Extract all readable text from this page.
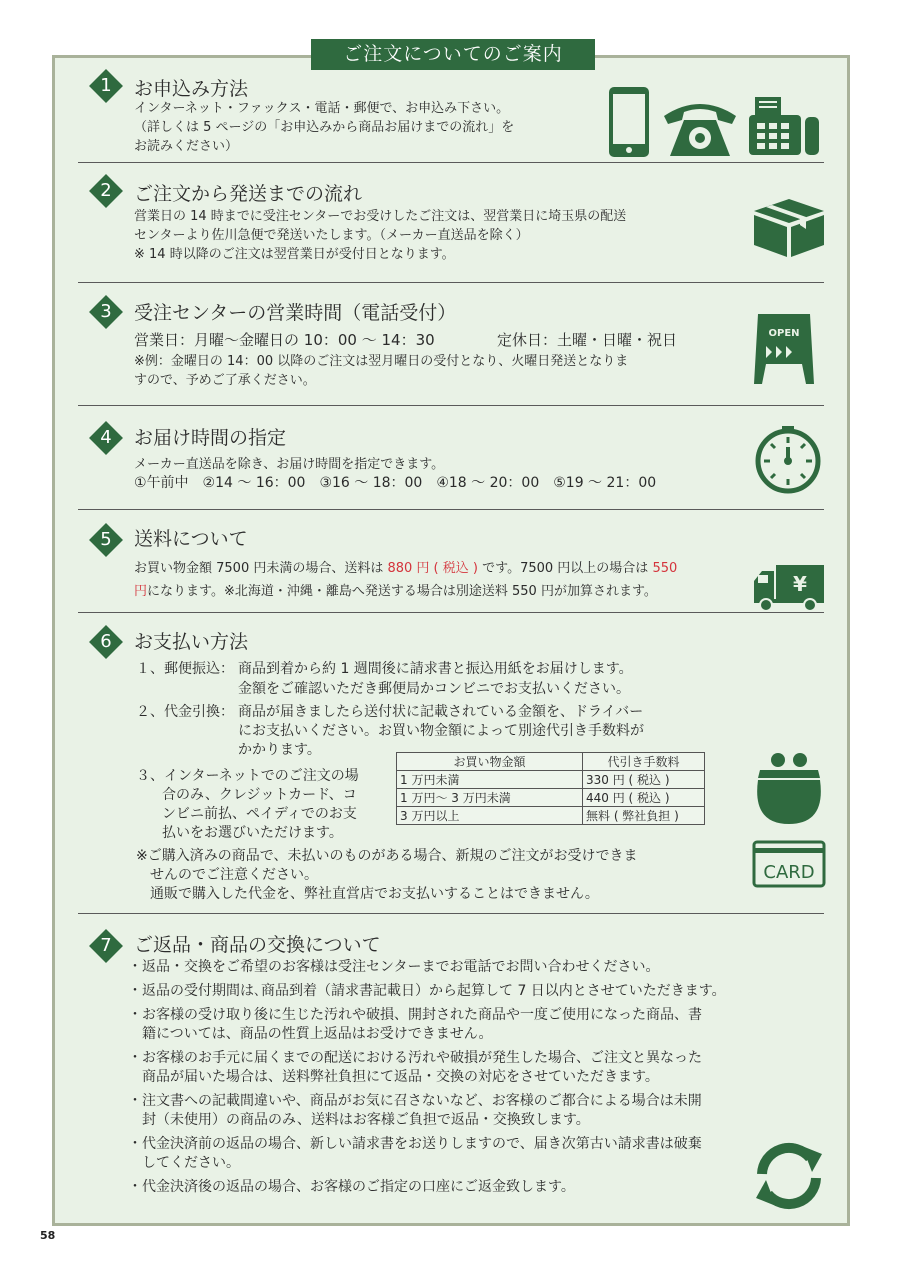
ご注文についてのご案内
1	お申込み方法
インターネット・ファックス・電話・郵便で、お申込み下さい。
（詳しくは 5 ページの「お申込みから商品お届けまでの流れ」を
お読みください）
2	ご注文から発送までの流れ
営業日の 14 時までに受注センターでお受けしたご注文は、翌営業日に埼玉県の配送
センターより佐川急便で発送いたします。（メーカー直送品を除く）
※ 14 時以降のご注文は翌営業日が受付日となります。
3	受注センターの営業時間（電話受付）
営業日：月曜～金曜日の 10：00 ～ 14：30	定休日：土曜・日曜・祝日
※例：金曜日の 14：00 以降のご注文は翌月曜日の受付となり、火曜日発送となりま
すので、予めご了承ください。
OPEN
4	お届け時間の指定
メーカー直送品を除き、お届け時間を指定できます。
①午前中　②14 ～ 16：00　③16 ～ 18：00　④18 ～ 20：00　⑤19 ～ 21：00
5	送料について
お買い物金額 7500 円未満の場合、送料は 880 円 ( 税込 ) です。7500 円以上の場合は 550
円になります。※北海道・沖縄・離島へ発送する場合は別途送料 550 円が加算されます。	¥
6	お支払い方法
１、郵便振込： 商品到着から約 1 週間後に請求書と振込用紙をお届けします。
金額をご確認いただき郵便局かコンビニでお支払いください。
２、代金引換： 商品が届きましたら送付状に記載されている金額を、ドライバー
にお支払いください。お買い物金額によって別途代引き手数料が
かかります。
３、インターネットでのご注文の場
合のみ、クレジットカード、コ
ンビニ前払、ペイディでのお支
払いをお選びいただけます。
お買い物金額	代引き手数料
1 万円未満	330 円 ( 税込 )
1 万円～ 3 万円未満	440 円 ( 税込 )
3 万円以上	無料 ( 弊社負担 )
※ご購入済みの商品で、未払いのものがある場合、新規のご注文がお受けできま
せんのでご注意ください。
通販で購入した代金を、弊社直営店でお支払いすることはできません。
CARD
7	ご返品・商品の交換について
・返品・交換をご希望のお客様は受注センターまでお電話でお問い合わせください。
・返品の受付期間は､商品到着（請求書記載日）から起算して 7 日以内とさせていただきます。
・お客様の受け取り後に生じた汚れや破損、開封された商品や一度ご使用になった商品、書
　籍については、商品の性質上返品はお受けできません。
・お客様のお手元に届くまでの配送における汚れや破損が発生した場合、ご注文と異なった
　商品が届いた場合は、送料弊社負担にて返品・交換の対応をさせていただきます。
・注文書への記載間違いや、商品がお気に召さないなど、お客様のご都合による場合は未開
　封（未使用）の商品のみ、送料はお客様ご負担で返品・交換致します。
・代金決済前の返品の場合、新しい請求書をお送りしますので、届き次第古い請求書は破棄
　してください。
・代金決済後の返品の場合、お客様のご指定の口座にご返金致します。
58
